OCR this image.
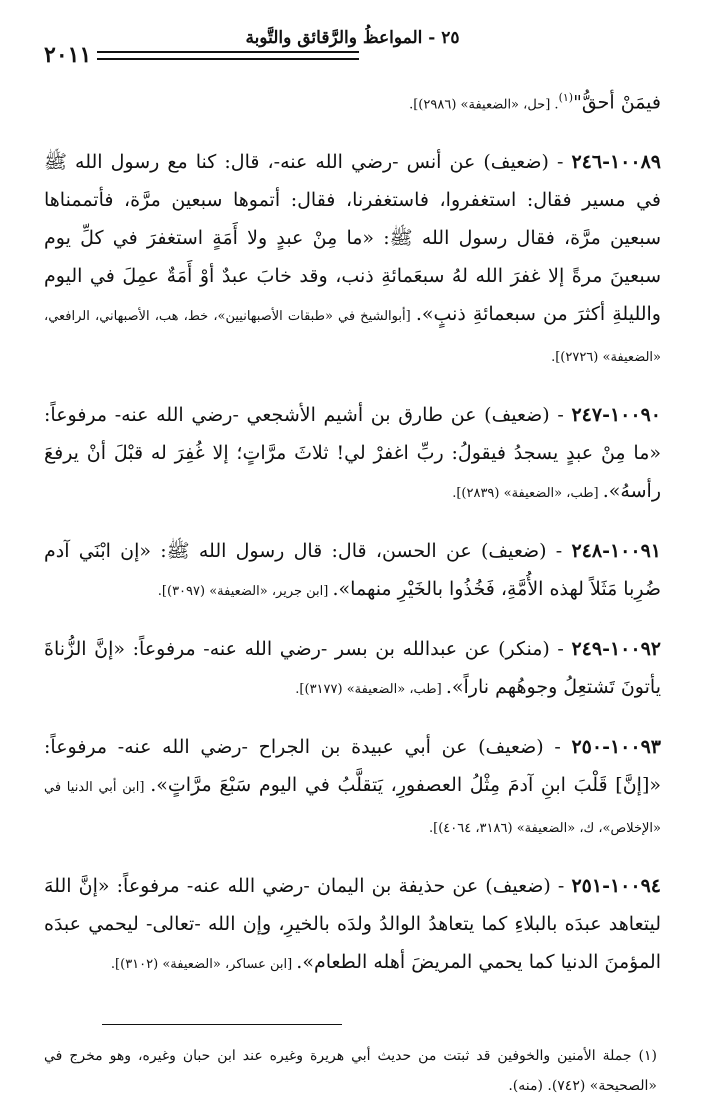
٢٥ - المواعظُ والرَّقائق والتَّوبة
٢٠١١

فيمَنْ أحقُّ"$^{(١)}$. [حل، «الضعيفة» (٢٩٨٦)].

١٠٠٨٩-٢٤٦ - (ضعيف) عن أنس -رضي الله عنه-، قال: كنا مع رسول الله ﷺ في مسير فقال: استغفروا، فاستغفرنا، فقال: أتموها سبعين مرَّة، فأتممناها سبعين مرَّة، فقال رسول الله ﷺ: «ما مِنْ عبدٍ ولا أَمَةٍ استغفرَ في كلِّ يوم سبعينَ مرةً إلا غفرَ الله لهُ سبعَمائةِ ذنب، وقد خابَ عبدٌ أوْ أَمَةٌ عمِلَ في اليوم والليلةِ أكثرَ من سبعمائةِ ذنبٍ». [أبوالشيخ في «طبقات الأصبهانيين»، خط، هب، الأصبهاني، الرافعي، «الضعيفة» (٢٧٢٦)].

١٠٠٩٠-٢٤٧ - (ضعيف) عن طارق بن أشيم الأشجعي -رضي الله عنه- مرفوعاً: «ما مِنْ عبدٍ يسجدُ فيقولُ: ربِّ اغفرْ لي! ثلاثَ مرَّاتٍ؛ إلا غُفِرَ له قبْلَ أنْ يرفعَ رأسهُ». [طب، «الضعيفة» (٢٨٣٩)].

١٠٠٩١-٢٤٨ - (ضعيف) عن الحسن، قال: قال رسول الله ﷺ: «إن ابْنَي آدم ضُرِبا مَثَلاً لهذه الأُمَّةِ، فَخُذُوا بالخَيْرِ منهما». [ابن جرير، «الضعيفة» (٣٠٩٧)].

١٠٠٩٢-٢٤٩ - (منكر) عن عبدالله بن بسر -رضي الله عنه- مرفوعاً: «إنَّ الزُّناةَ يأتونَ تَشتعِلُ وجوهُهم ناراً». [طب، «الضعيفة» (٣١٧٧)].

١٠٠٩٣-٢٥٠ - (ضعيف) عن أبي عبيدة بن الجراح -رضي الله عنه- مرفوعاً: «[إنَّ] قَلْبَ ابنِ آدمَ مِثْلُ العصفورِ، يَتقلَّبُ في اليوم سَبْعَ مرَّاتٍ». [ابن أبي الدنيا في «الإخلاص»، ك، «الضعيفة» (٣١٨٦، ٤٠٦٤)].

١٠٠٩٤-٢٥١ - (ضعيف) عن حذيفة بن اليمان -رضي الله عنه- مرفوعاً: «إنَّ اللهَ ليتعاهد عبدَه بالبلاءِ كما يتعاهدُ الوالدُ ولدَه بالخيرِ، وإن الله -تعالى- ليحمي عبدَه المؤمنَ الدنيا كما يحمي المريضَ أهله الطعام». [ابن عساكر، «الضعيفة» (٣١٠٢)].

(١) جملة الأمنين والخوفين قد ثبتت من حديث أبي هريرة وغيره عند ابن حبان وغيره، وهو مخرج في «الصحيحة» (٧٤٢). (منه).
